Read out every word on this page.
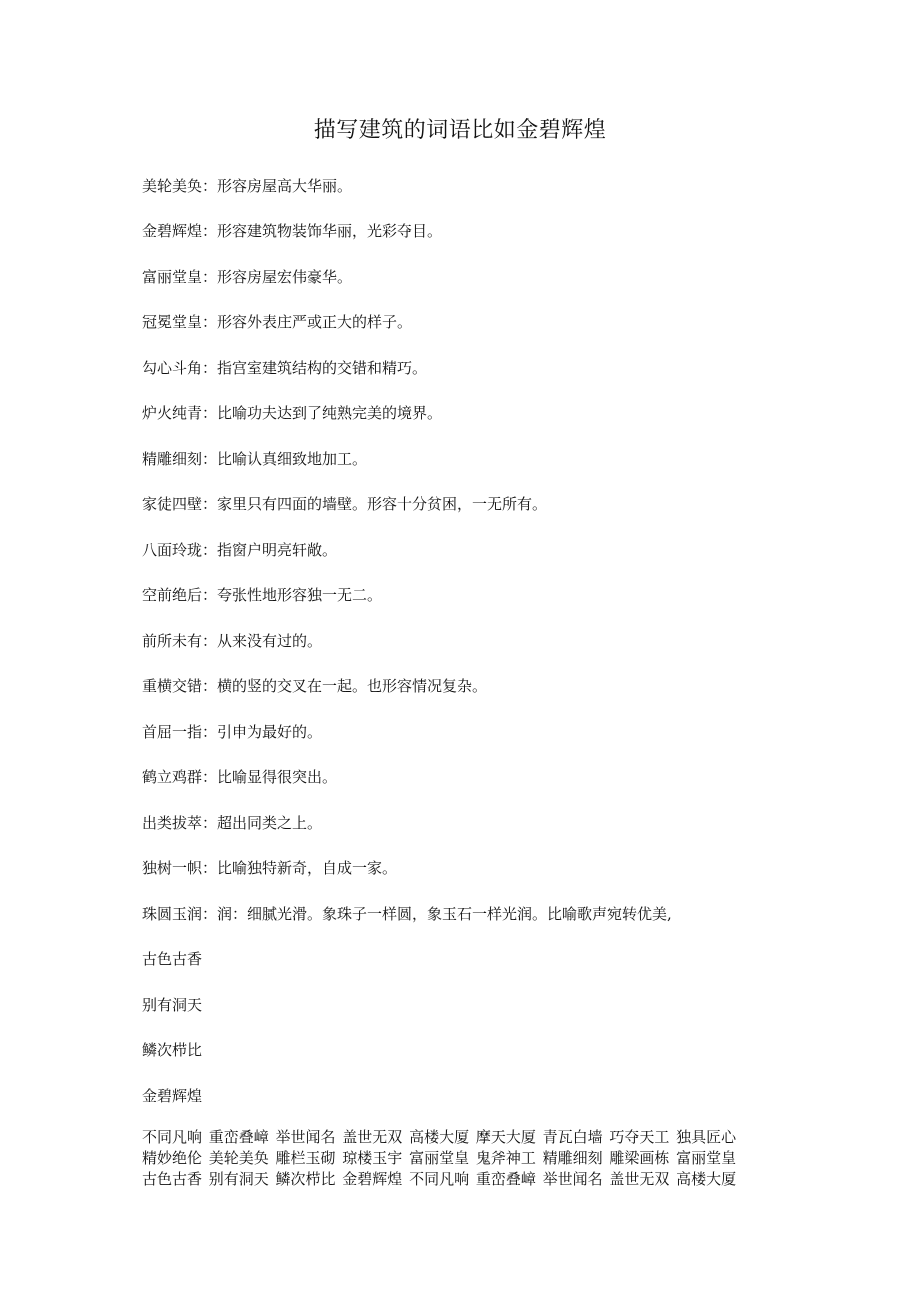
描写建筑的词语比如金碧辉煌
美轮美奂：形容房屋高大华丽。
金碧辉煌：形容建筑物装饰华丽，光彩夺目。
富丽堂皇：形容房屋宏伟豪华。
冠冕堂皇：形容外表庄严或正大的样子。
勾心斗角：指宫室建筑结构的交错和精巧。
炉火纯青：比喻功夫达到了纯熟完美的境界。
精雕细刻：比喻认真细致地加工。
家徒四壁：家里只有四面的墙壁。形容十分贫困，一无所有。
八面玲珑：指窗户明亮轩敞。
空前绝后：夸张性地形容独一无二。
前所未有：从来没有过的。
重横交错：横的竖的交叉在一起。也形容情况复杂。
首屈一指：引申为最好的。
鹤立鸡群：比喻显得很突出。
出类拔萃：超出同类之上。
独树一帜：比喻独特新奇，自成一家。
珠圆玉润：润：细腻光滑。象珠子一样圆，象玉石一样光润。比喻歌声宛转优美,
古色古香
别有洞天
鳞次栉比
金碧辉煌
不同凡响 重峦叠嶂 举世闻名 盖世无双 高楼大厦 摩天大厦 青瓦白墙 巧夺天工 独具匠心
精妙绝伦 美轮美奂 雕栏玉砌 琼楼玉宇 富丽堂皇 鬼斧神工 精雕细刻 雕梁画栋 富丽堂皇
古色古香 别有洞天 鳞次栉比 金碧辉煌 不同凡响 重峦叠嶂 举世闻名 盖世无双 高楼大厦
